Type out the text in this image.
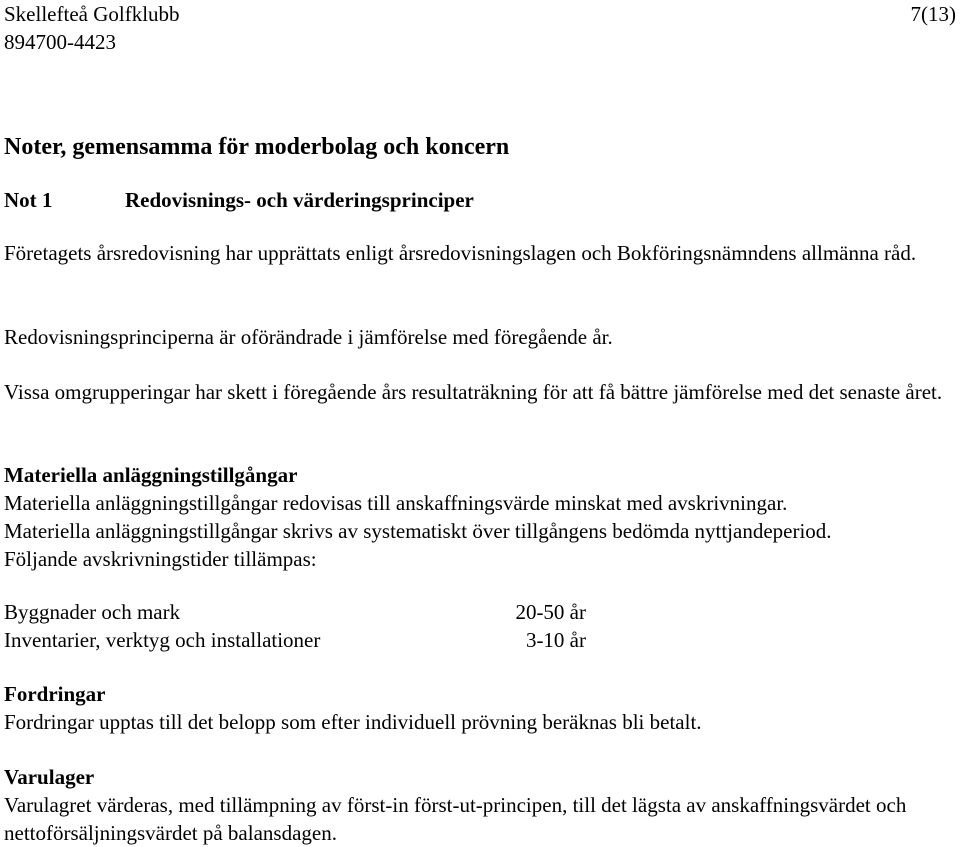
Skellefteå Golfklubb
894700-4423
7(13)
Noter, gemensamma för moderbolag och koncern
Not 1	Redovisnings- och värderingsprinciper

Företagets årsredovisning har upprättats enligt årsredovisningslagen och Bokföringsnämndens allmänna råd.

Redovisningsprinciperna är oförändrade i jämförelse med föregående år.

Vissa omgrupperingar har skett i föregående års resultaträkning för att få bättre jämförelse med det senaste året.

Materiella anläggningstillgångar
Materiella anläggningstillgångar redovisas till anskaffningsvärde minskat med avskrivningar.
Materiella anläggningstillgångar skrivs av systematiskt över tillgångens bedömda nyttjandeperiod.
Följande avskrivningstider tillämpas:
Byggnader och mark	20-50 år
Inventarier, verktyg och installationer	3-10 år
Fordringar

Fordringar upptas till det belopp som efter individuell prövning beräknas bli betalt.

Varulager

Varulagret värderas, med tillämpning av först-in först-ut-principen, till det lägsta av anskaffningsvärdet och nettoförsäljningsvärdet på balansdagen.
